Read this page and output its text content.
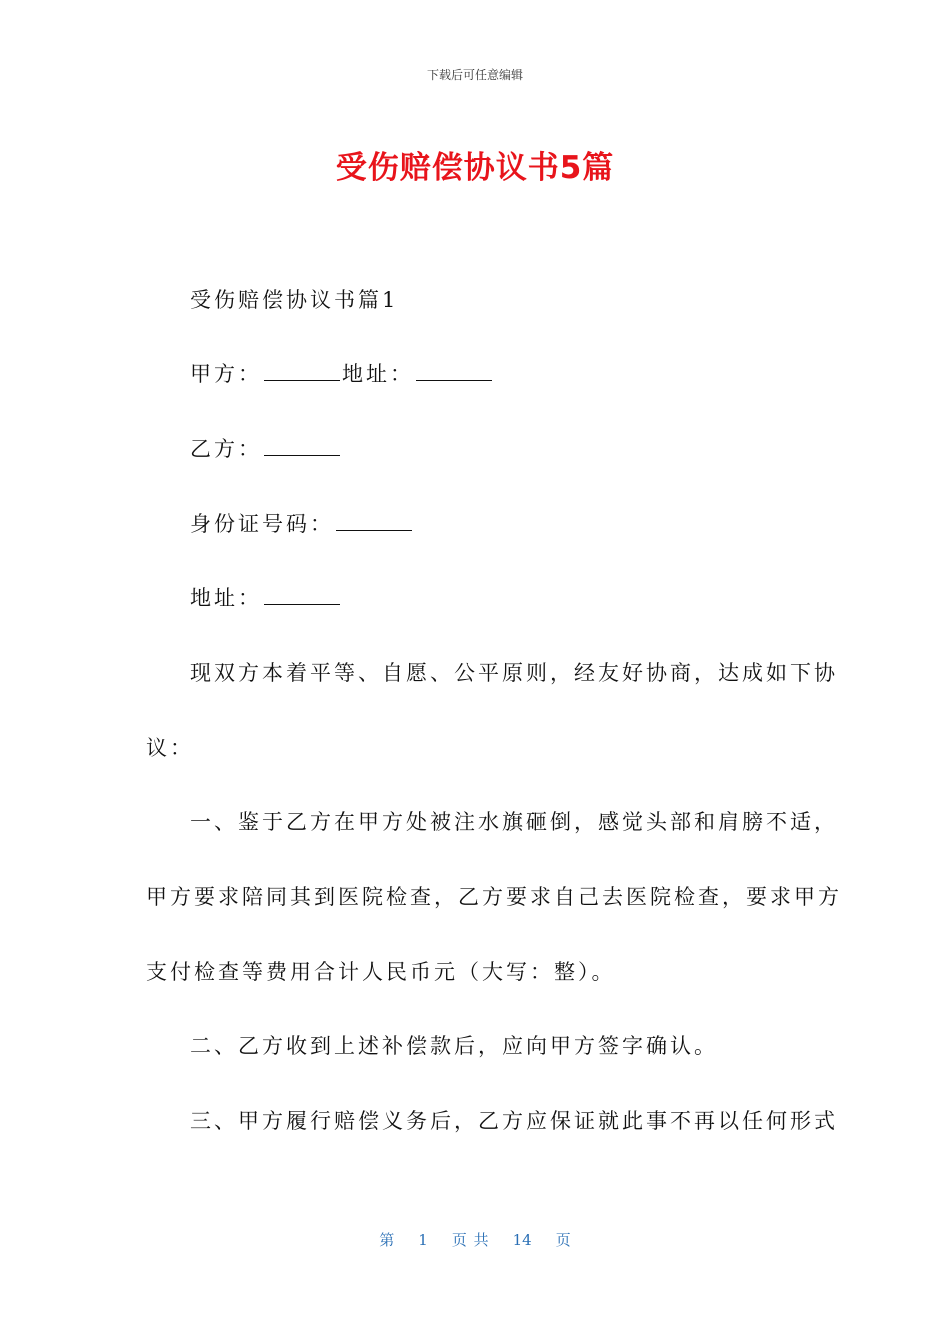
下载后可任意编辑
受伤赔偿协议书5篇
受伤赔偿协议书篇1
甲方：	地址：
乙方：
身份证号码：
地址：
现双方本着平等、自愿、公平原则，经友好协商，达成如下协
议：
一、鉴于乙方在甲方处被注水旗砸倒，感觉头部和肩膀不适，
甲方要求陪同其到医院检查，乙方要求自己去医院检查，要求甲方
支付检查等费用合计人民币元（大写：整）。
二、乙方收到上述补偿款后，应向甲方签字确认。
三、甲方履行赔偿义务后，乙方应保证就此事不再以任何形式
第 1 页 共 14 页
